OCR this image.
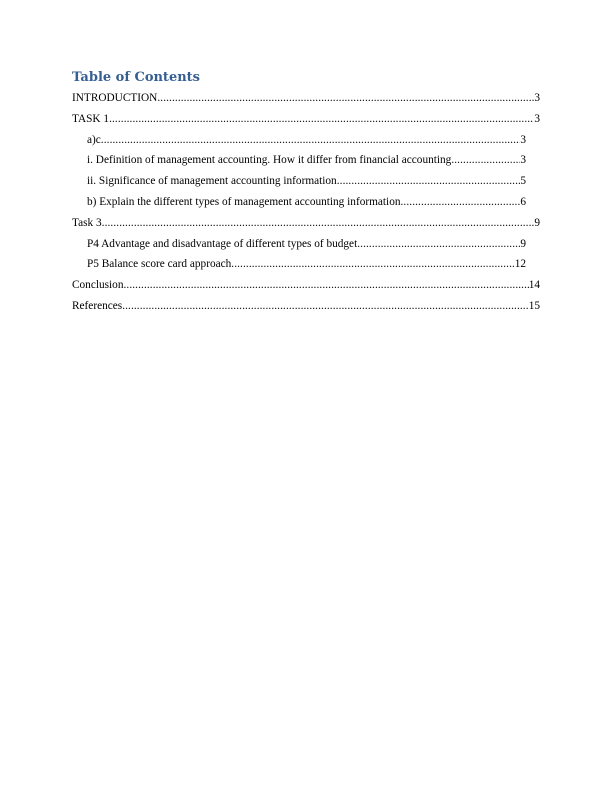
Table of Contents
INTRODUCTION .....	3
TASK 1 .....	3
a)c .....	3
i. Definition of management accounting. How it differ from financial accounting .....	3
ii. Significance of management accounting information .....	5
b) Explain the different types of management accounting information .....	6
Task 3 .....	9
P4 Advantage and disadvantage of different types of budget .....	9
P5 Balance score card approach .....	12
Conclusion .....	14
References .....	15
